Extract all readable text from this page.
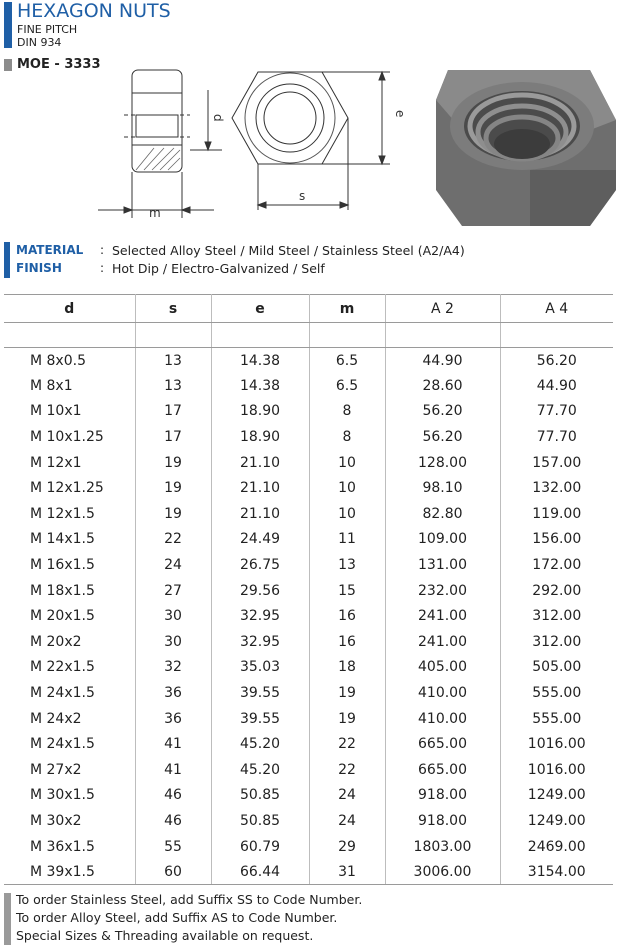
HEXAGON NUTS
FINE PITCH
DIN 934
MOE - 3333
d
m
s
e
MATERIAL : Selected Alloy Steel / Mild Steel / Stainless Steel (A2/A4)
FINISH	: Hot Dip / Electro-Galvanized / Self
d	s	e	m	A 2	A 4

M 8x0.5	13	14.38	6.5	44.90	56.20
M 8x1	13	14.38	6.5	28.60	44.90
M 10x1	17	18.90	8	56.20	77.70
M 10x1.25	17	18.90	8	56.20	77.70
M 12x1	19	21.10	10	128.00	157.00
M 12x1.25	19	21.10	10	98.10	132.00
M 12x1.5	19	21.10	10	82.80	119.00
M 14x1.5	22	24.49	11	109.00	156.00
M 16x1.5	24	26.75	13	131.00	172.00
M 18x1.5	27	29.56	15	232.00	292.00
M 20x1.5	30	32.95	16	241.00	312.00
M 20x2	30	32.95	16	241.00	312.00
M 22x1.5	32	35.03	18	405.00	505.00
M 24x1.5	36	39.55	19	410.00	555.00
M 24x2	36	39.55	19	410.00	555.00
M 24x1.5	41	45.20	22	665.00	1016.00
M 27x2	41	45.20	22	665.00	1016.00
M 30x1.5	46	50.85	24	918.00	1249.00
M 30x2	46	50.85	24	918.00	1249.00
M 36x1.5	55	60.79	29	1803.00	2469.00
M 39x1.5	60	66.44	31	3006.00	3154.00
To order Stainless Steel, add Suffix SS to Code Number.
To order Alloy Steel, add Suffix AS to Code Number.
Special Sizes & Threading available on request.
